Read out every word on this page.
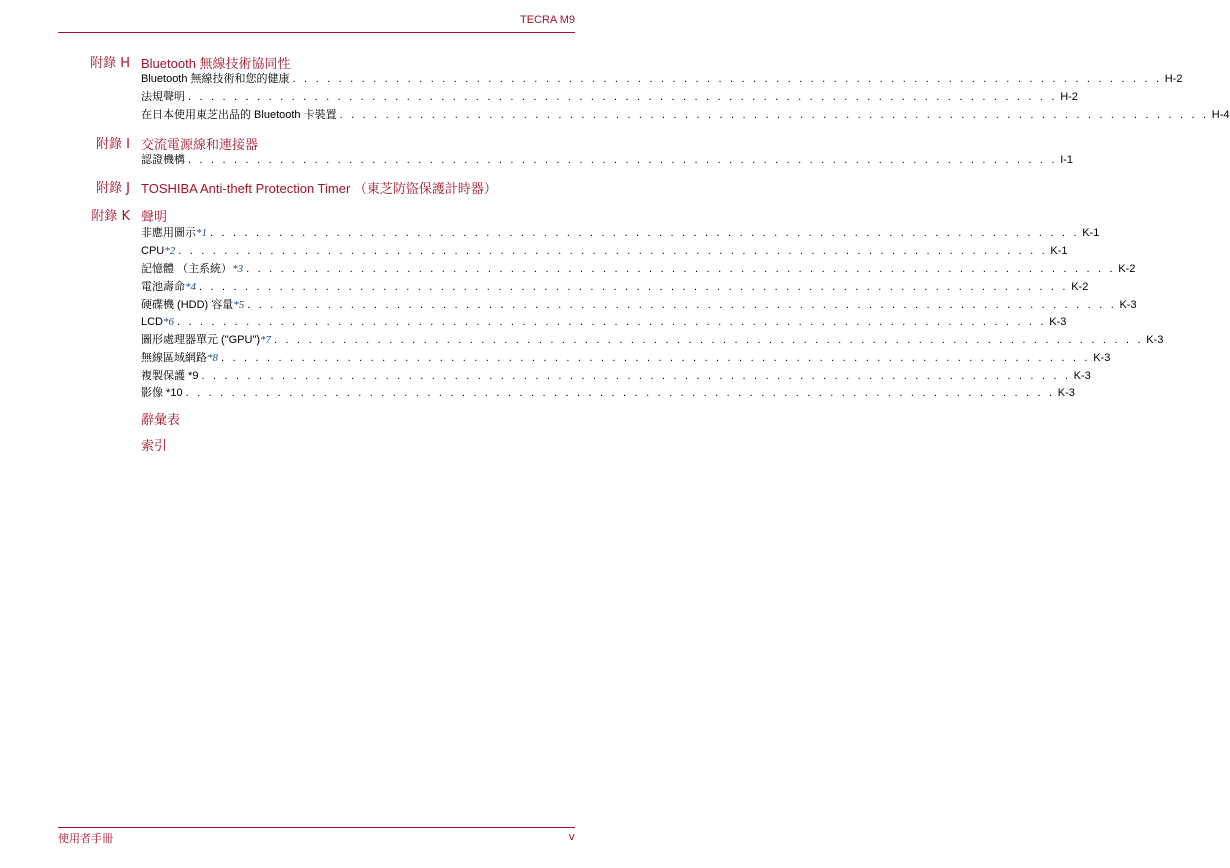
TECRA M9
附錄 H Bluetooth 無線技術協同性
Bluetooth 無線技術和您的健康 . . . . . . . . . . . . . . . . . . . . . . . . . . . . . . . . . . . . . . . . . . . . . . . . . . . . . . . . . . . . . . . . . . . . . . . . . . . . H-2
法規聲明 . . . . . . . . . . . . . . . . . . . . . . . . . . . . . . . . . . . . . . . . . . . . . . . . . . . . . . . . . . . . . . . . . . . . . . . . . . . . H-2
在日本使用東芝出品的 Bluetooth 卡裝置 . . . . . . . . . . . . . . . . . . . . . . . . . . . . . . . . . . . . . . . . . . . . . . . . . . . . . . . . . . . . . . . . . . . . . . . . . . . . H-4
附錄 I 交流電源線和連接器
認證機構 . . . . . . . . . . . . . . . . . . . . . . . . . . . . . . . . . . . . . . . . . . . . . . . . . . . . . . . . . . . . . . . . . . . . . . . . . . . . I-1
附錄 J TOSHIBA Anti-theft Protection Timer （東芝防盜保護計時器）
附錄 K 聲明
非應用圖示 *1 . . . . . . . . . . . . . . . . . . . . . . . . . . . . . . . . . . . . . . . . . . . . . . . . . . . . . . . . . . . . . . . . . . . . . . . . . . . . K-1
CPU *2 . . . . . . . . . . . . . . . . . . . . . . . . . . . . . . . . . . . . . . . . . . . . . . . . . . . . . . . . . . . . . . . . . . . . . . . . . . . . K-1
記憶體 （主系統） *3 . . . . . . . . . . . . . . . . . . . . . . . . . . . . . . . . . . . . . . . . . . . . . . . . . . . . . . . . . . . . . . . . . . . . . . . . . . . . K-2
電池壽命 *4 . . . . . . . . . . . . . . . . . . . . . . . . . . . . . . . . . . . . . . . . . . . . . . . . . . . . . . . . . . . . . . . . . . . . . . . . . . . . K-2
硬碟機 (HDD) 容量 *5 . . . . . . . . . . . . . . . . . . . . . . . . . . . . . . . . . . . . . . . . . . . . . . . . . . . . . . . . . . . . . . . . . . . . . . . . . . . . K-3
LCD *6 . . . . . . . . . . . . . . . . . . . . . . . . . . . . . . . . . . . . . . . . . . . . . . . . . . . . . . . . . . . . . . . . . . . . . . . . . . . . K-3
圖形處理器單元 ("GPU") *7 . . . . . . . . . . . . . . . . . . . . . . . . . . . . . . . . . . . . . . . . . . . . . . . . . . . . . . . . . . . . . . . . . . . . . . . . . . . . K-3
無線區域網路 *8 . . . . . . . . . . . . . . . . . . . . . . . . . . . . . . . . . . . . . . . . . . . . . . . . . . . . . . . . . . . . . . . . . . . . . . . . . . . . K-3
複製保護 *9 . . . . . . . . . . . . . . . . . . . . . . . . . . . . . . . . . . . . . . . . . . . . . . . . . . . . . . . . . . . . . . . . . . . . . . . . . . . . K-3
影像 *10 . . . . . . . . . . . . . . . . . . . . . . . . . . . . . . . . . . . . . . . . . . . . . . . . . . . . . . . . . . . . . . . . . . . . . . . . . . . . K-3
辭彙表
索引
使用者手冊	v
